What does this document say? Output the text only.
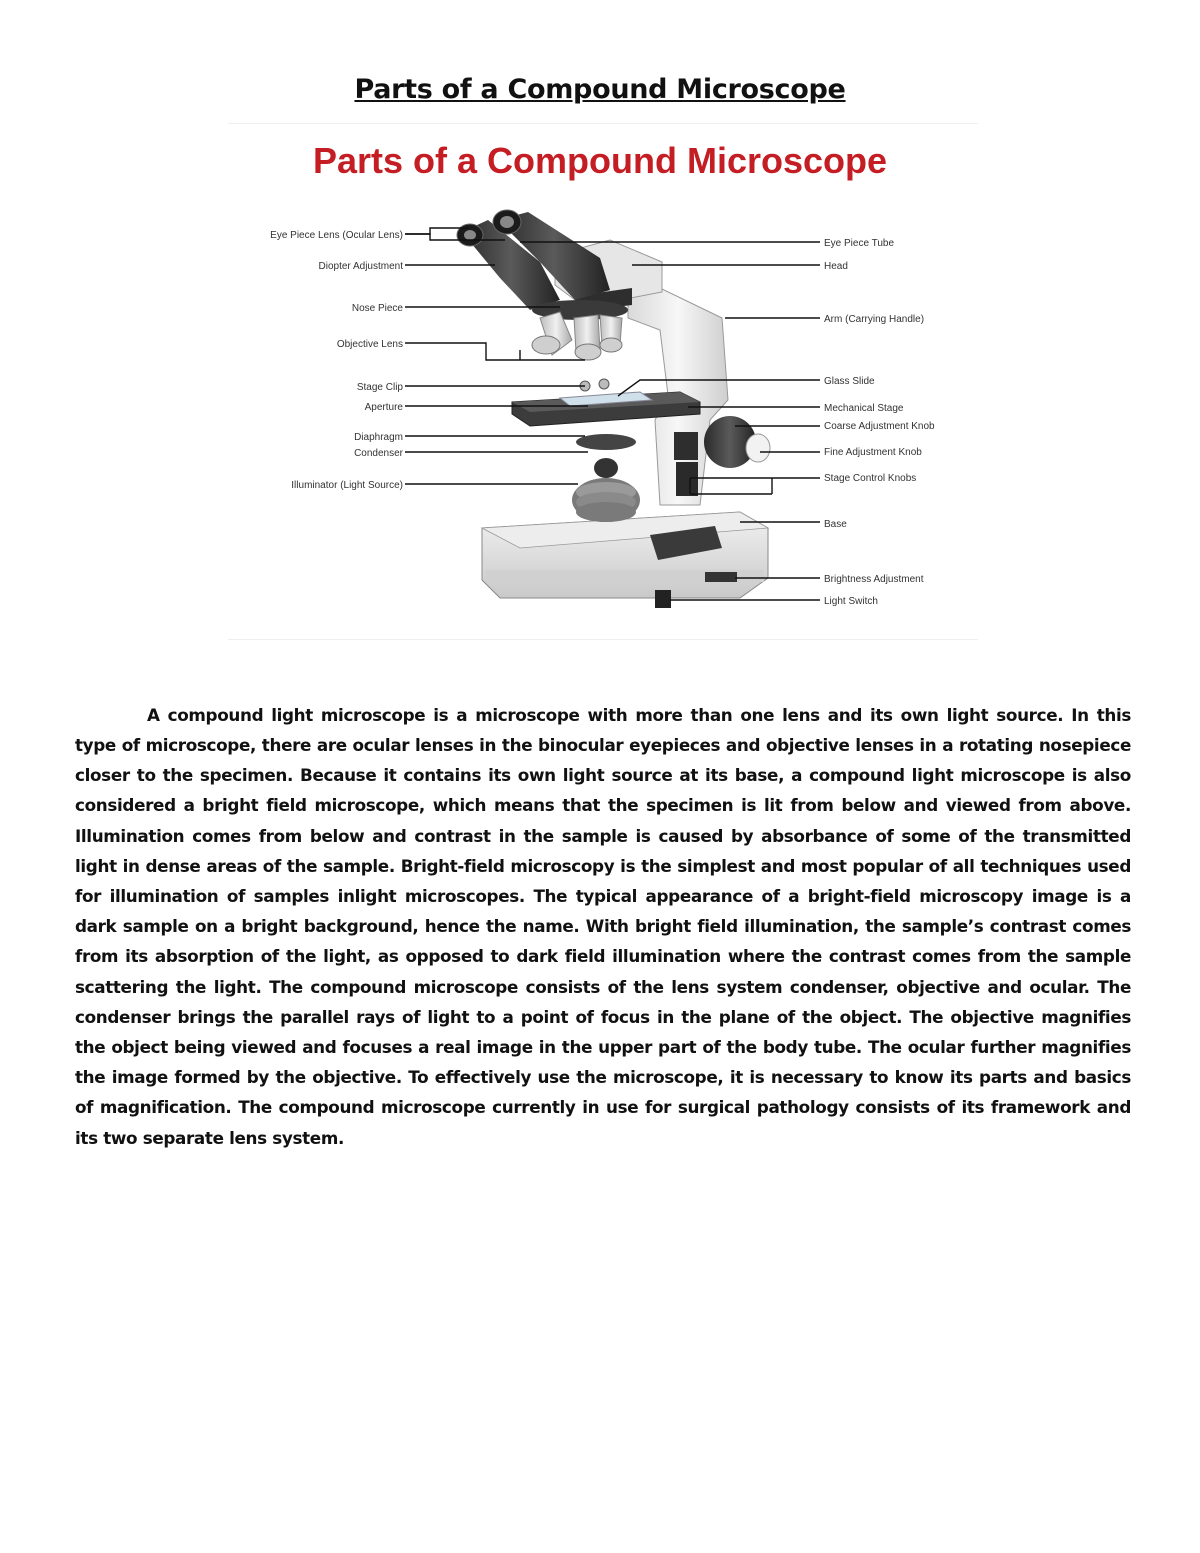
Parts of a Compound Microscope
Parts of a Compound Microscope
Eye Piece Lens (Ocular Lens)
Diopter Adjustment
Nose Piece
Objective Lens
Stage Clip
Aperture
Diaphragm
Condenser
Illuminator (Light Source)
Eye Piece Tube
Head
Arm (Carrying Handle)
Glass Slide
Mechanical Stage
Coarse Adjustment Knob
Fine Adjustment Knob
Stage Control Knobs
Base
Brightness Adjustment
Light Switch

A compound light microscope is a microscope with more than one lens and its own light source. In this type of microscope, there are ocular lenses in the binocular eyepieces and objective lenses in a rotating nosepiece closer to the specimen. Because it contains its own light source at its base, a compound light microscope is also considered a bright field microscope, which means that the specimen is lit from below and viewed from above. Illumination comes from below and contrast in the sample is caused by absorbance of some of the transmitted light in dense areas of the sample. Bright-field microscopy is the simplest and most popular of all techniques used for illumination of samples inlight microscopes. The typical appearance of a bright-field microscopy image is a dark sample on a bright background, hence the name. With bright field illumination, the sample’s contrast comes from its absorption of the light, as opposed to dark field illumination where the contrast comes from the sample scattering the light. The compound microscope consists of the lens system condenser, objective and ocular. The condenser brings the parallel rays of light to a point of focus in the plane of the object. The objective magnifies the object being viewed and focuses a real image in the upper part of the body tube. The ocular further magnifies the image formed by the objective. To effectively use the microscope, it is necessary to know its parts and basics of magnification. The compound microscope currently in use for surgical pathology consists of its framework and its two separate lens system.
